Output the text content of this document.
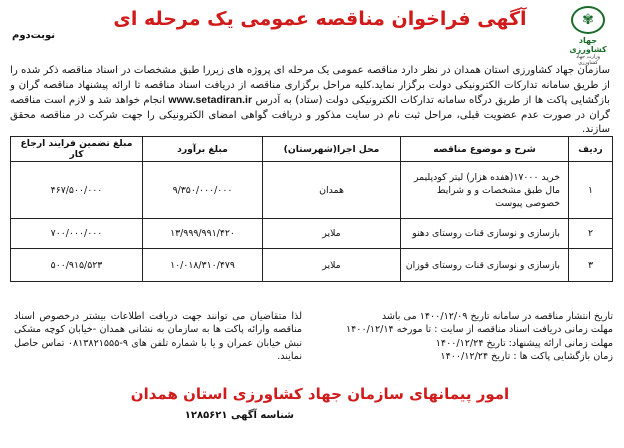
✾
جهاد کشاورزی
وزارت جهاد کشاورزی
نوبت‌دوم
آگهی فراخوان مناقصه عمومی یک مرحله ای
سازمان جهاد کشاورزی استان همدان در نظر دارد مناقصه عمومی یک مرحله ای پروژه های زیررا طبق مشخصات در اسناد مناقصه ذکر شده را از طریق سامانه تدارکات الکترونیکی دولت برگزار نماید.کلیه مراحل برگزاری مناقصه از دریافت اسناد مناقصه تا ارائه پیشنهاد مناقصه گران و بازگشایی پاکت ها از طریق درگاه سامانه تدارکات الکترونیکی دولت (ستاد) به آدرس www.setadiran.ir انجام خواهد شد و لازم است مناقصه گران در صورت عدم عضویت قبلی، مراحل ثبت نام در سایت مذکور و دریافت گواهی امضای الکترونیکی را جهت شرکت در مناقصه محقق سازند.
ردیف	شرح و موضوع مناقصه	محل اجرا(شهرستان)	مبلغ برآورد	مبلغ تضمین فرایند ارجاع کار
۱	خرید ۱۷۰۰۰(هفده هزار) لیتر کودپلیمر مال طبق مشخصات و و شرایط خصوصی پیوست	همدان	۹/۳۵۰/۰۰۰/۰۰۰	۴۶۷/۵۰۰/۰۰۰
۲	بازسازی و نوسازی قنات روستای دهنو	ملایر	۱۳/۹۹۹/۹۹۱/۴۲۰	۷۰۰/۰۰۰/۰۰۰
۳	بازسازی و نوسازی قنات روستای قوزان	ملایر	۱۰/۰۱۸/۳۱۰/۴۷۹	۵۰۰/۹۱۵/۵۲۳
تاریخ انتشار مناقصه در سامانه تاریخ ۱۴۰۰/۱۲/۰۹ می باشد
مهلت زمانی دریافت اسناد مناقصه از سایت : تا مورخه ۱۴۰۰/۱۲/۱۴
مهلت زمانی ارائه پیشنهاد: تاریخ ۱۴۰۰/۱۲/۲۴
زمان بازگشایی پاکت ها : تاریخ ۱۴۰۰/۱۲/۲۴
لذا متقاضیان می توانند جهت دریافت اطلاعات بیشتر درخصوص اسناد مناقصه وارائه پاکت ها به سازمان به نشانی همدان -خیابان کوچه مشکی نبش خیابان عمران و یا با شماره تلفن های ۹-۰۸۱۳۸۲۱۵۵۵ تماس حاصل نمایند.
امور پیمانهای سازمان جهاد کشاورزی استان همدان
شناسه آگهی ۱۲۸۵۶۲۱
